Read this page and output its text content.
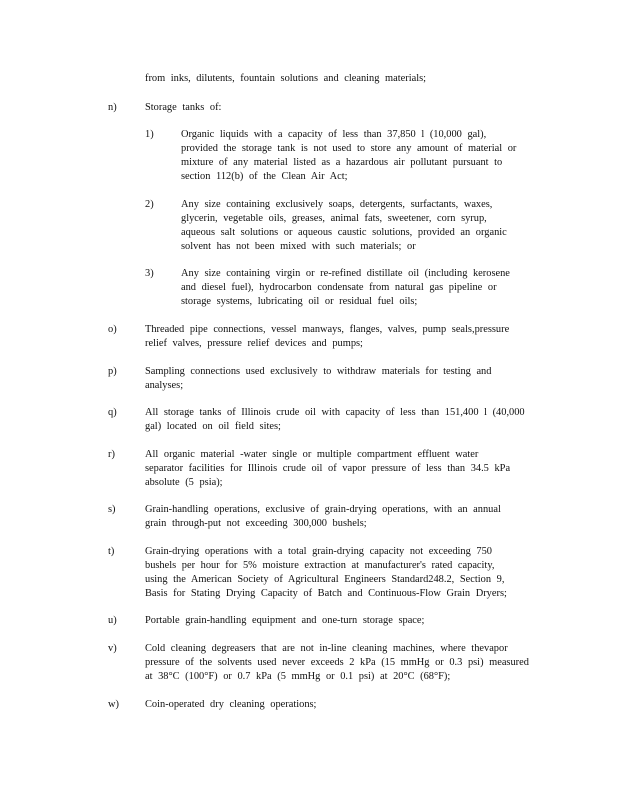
from inks, dilutents, fountain solutions and cleaning materials;
n)	Storage tanks of:
1)	Organic liquids with a capacity of less than 37,850 l (10,000 gal),
provided the storage tank is not used to store any amount of material or
mixture of any material listed as a hazardous air pollutant pursuant to
section 112(b) of the Clean Air Act;
2)	Any size containing exclusively soaps, detergents, surfactants, waxes,
glycerin, vegetable oils, greases, animal fats, sweetener, corn syrup,
aqueous salt solutions or aqueous caustic solutions, provided an organic
solvent has not been mixed with such materials; or
3)	Any size containing virgin or re-refined distillate oil (including kerosene
and diesel fuel), hydrocarbon condensate from natural gas pipeline or
storage systems, lubricating oil or residual fuel oils;
o)	Threaded pipe connections, vessel manways, flanges, valves, pump seals,pressure
relief valves, pressure relief devices and pumps;
p)	Sampling connections used exclusively to withdraw materials for testing and
analyses;
q)	All storage tanks of Illinois crude oil with capacity of less than 151,400 l (40,000
gal) located on oil field sites;
r)	All organic material -water single or multiple compartment effluent water
separator facilities for Illinois crude oil of vapor pressure of less than 34.5 kPa
absolute (5 psia);
s)	Grain-handling operations, exclusive of grain-drying operations, with an annual
grain through-put not exceeding 300,000 bushels;
t)	Grain-drying operations with a total grain-drying capacity not exceeding 750
bushels per hour for 5% moisture extraction at manufacturer's rated capacity,
using the American Society of Agricultural Engineers Standard248.2, Section 9,
Basis for Stating Drying Capacity of Batch and Continuous-Flow Grain Dryers;
u)	Portable grain-handling equipment and one-turn storage space;
v)	Cold cleaning degreasers that are not in-line cleaning machines, where thevapor
pressure of the solvents used never exceeds 2 kPa (15 mmHg or 0.3 psi) measured
at 38°C (100°F) or 0.7 kPa (5 mmHg or 0.1 psi) at 20°C (68°F);
w)	Coin-operated dry cleaning operations;
